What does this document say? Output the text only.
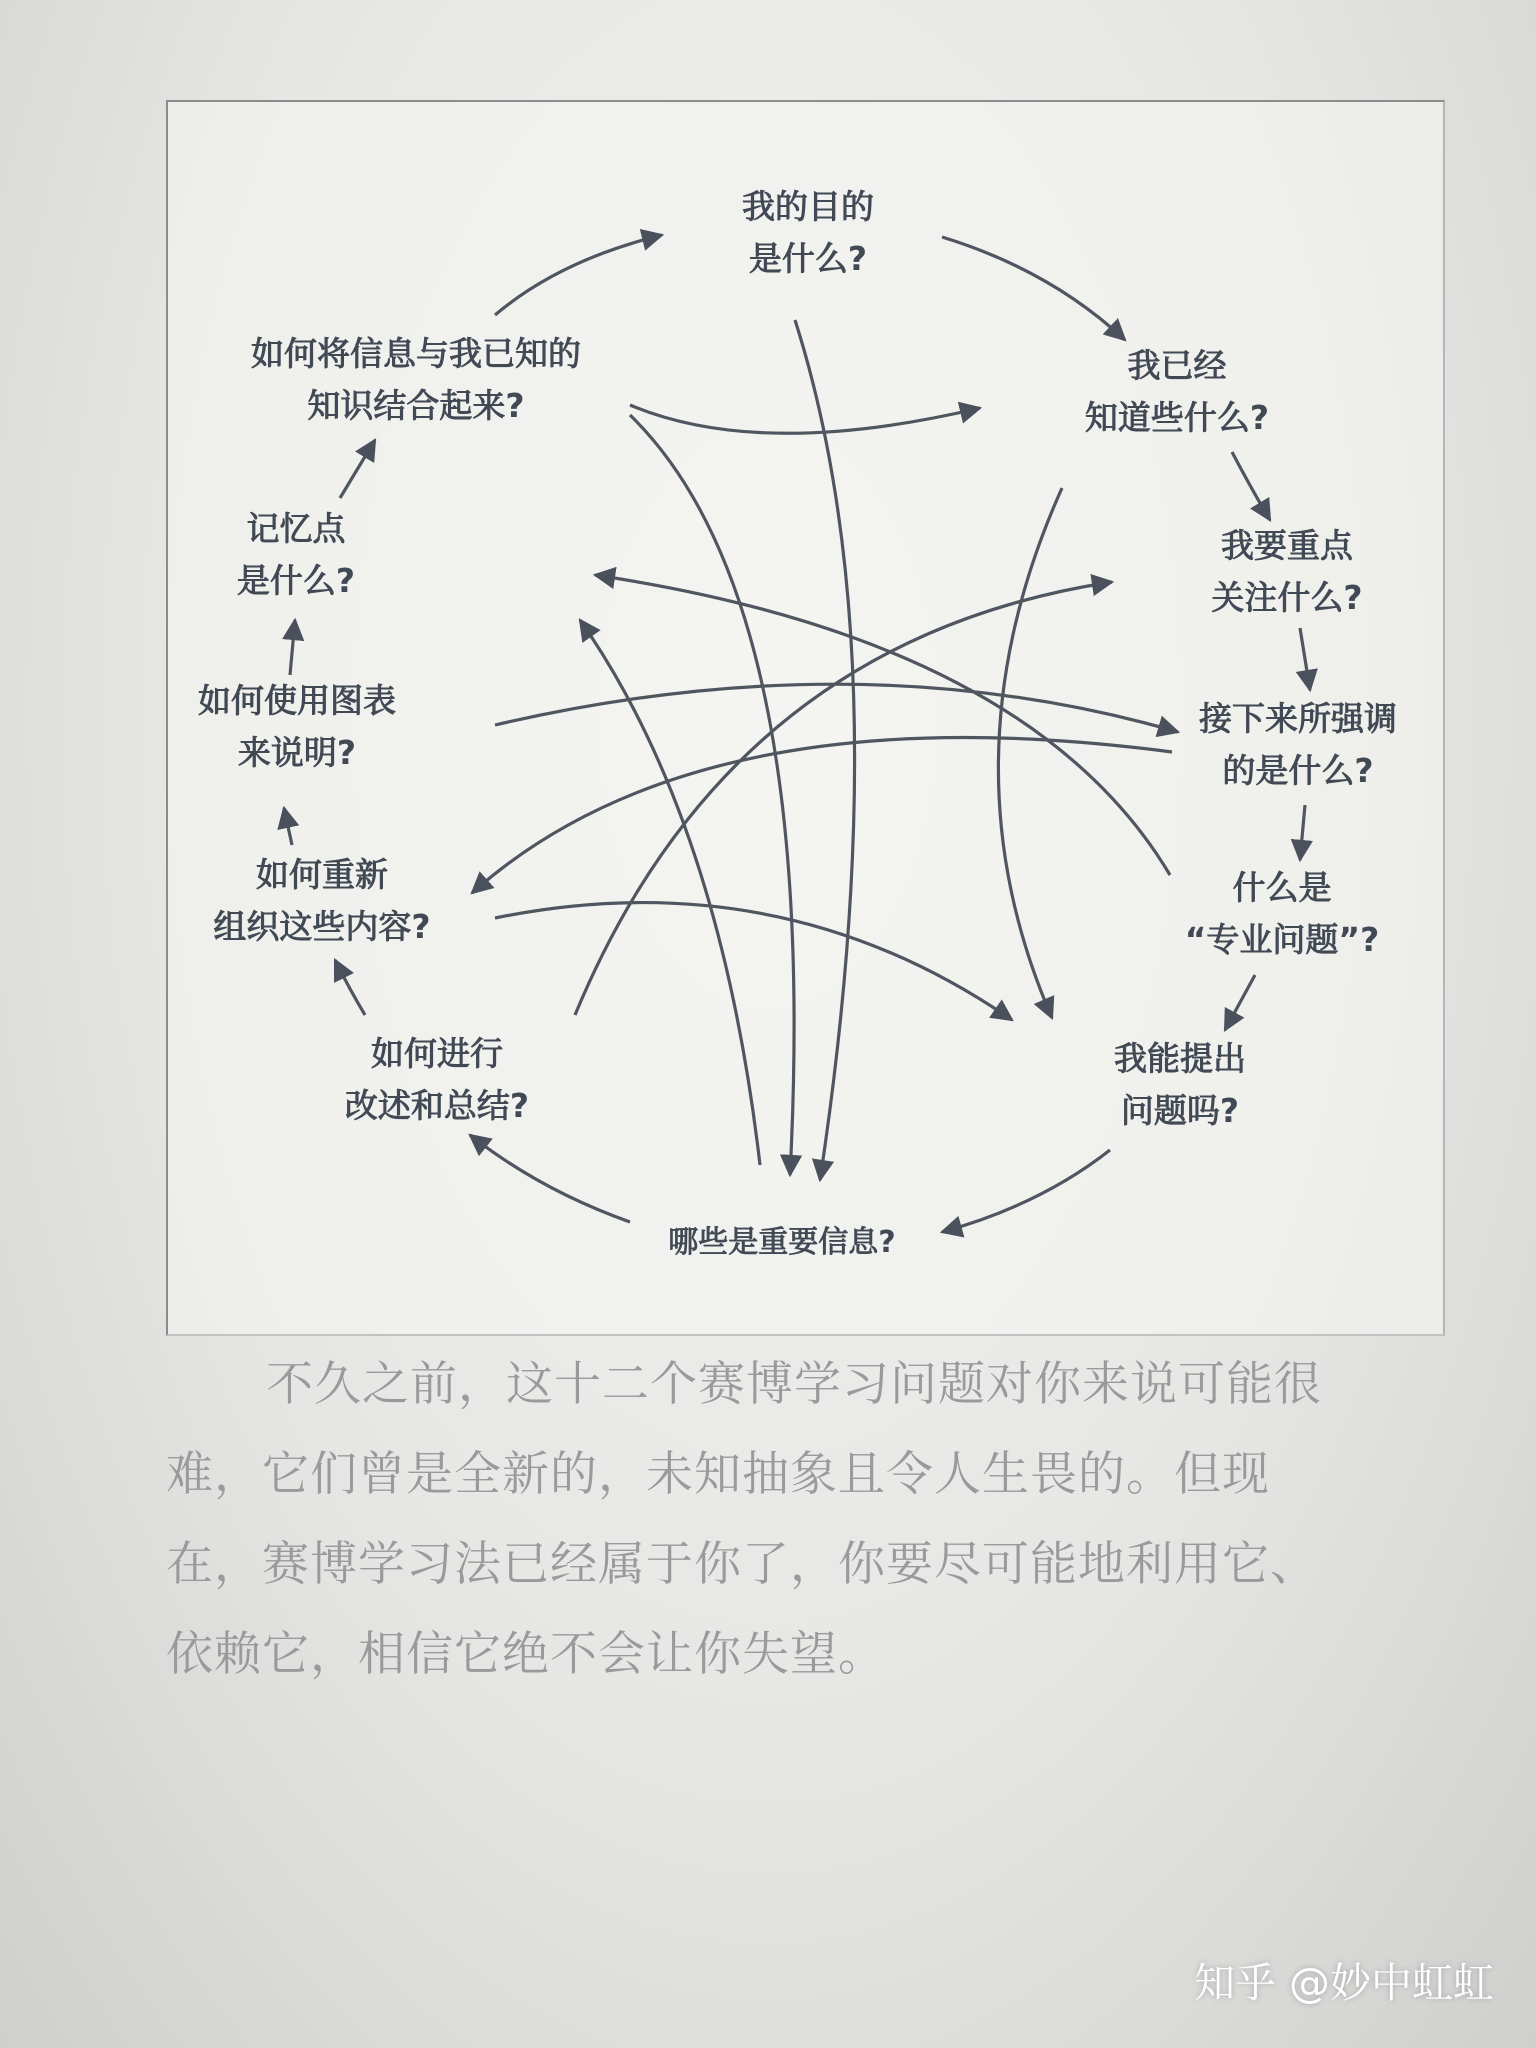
我的目的
是什么?
我已经
知道些什么?
我要重点
关注什么?
接下来所强调
的是什么?
什么是
“专业问题”?
我能提出
问题吗?
哪些是重要信息?
如何进行
改述和总结?
如何重新
组织这些内容?
如何使用图表
来说明?
记忆点
是什么?
如何将信息与我已知的
知识结合起来?
不久之前，这十二个赛博学习问题对你来说可能很
难，它们曾是全新的，未知抽象且令人生畏的。但现
在，赛博学习法已经属于你了，你要尽可能地利用它、
依赖它，相信它绝不会让你失望。
知乎 @妙中虹虹
